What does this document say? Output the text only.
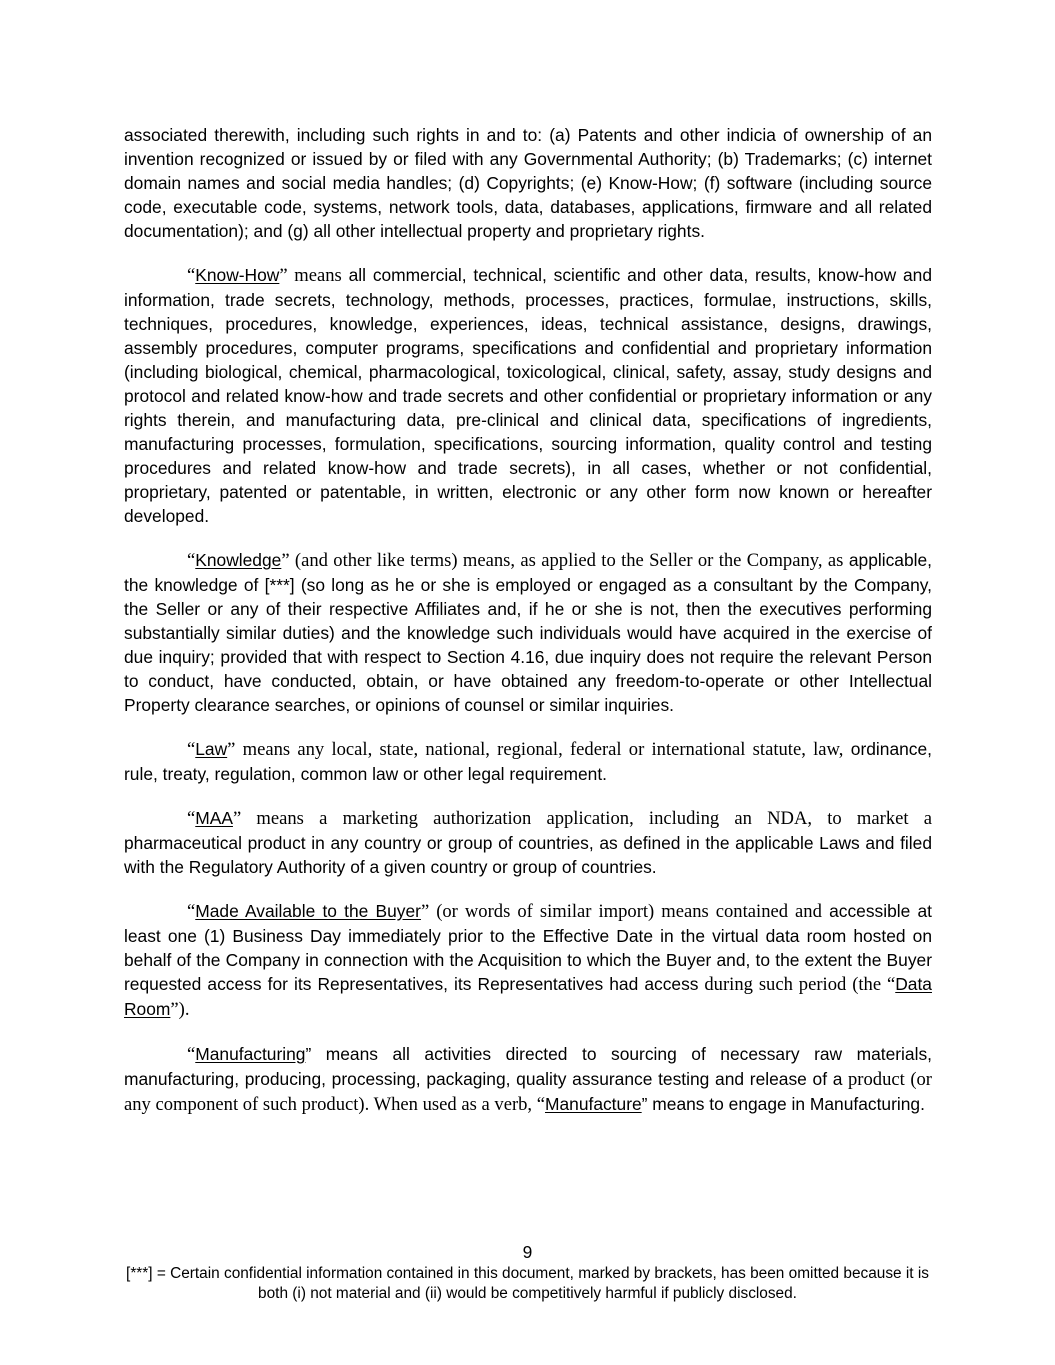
associated therewith, including such rights in and to: (a) Patents and other indicia of ownership of an invention recognized or issued by or filed with any Governmental Authority; (b) Trademarks; (c) internet domain names and social media handles; (d) Copyrights; (e) Know-How; (f) software (including source code, executable code, systems, network tools, data, databases, applications, firmware and all related documentation); and (g) all other intellectual property and proprietary rights.

“Know-How” means all commercial, technical, scientific and other data, results, know-how and information, trade secrets, technology, methods, processes, practices, formulae, instructions, skills, techniques, procedures, knowledge, experiences, ideas, technical assistance, designs, drawings, assembly procedures, computer programs, specifications and confidential and proprietary information (including biological, chemical, pharmacological, toxicological, clinical, safety, assay, study designs and protocol and related know-how and trade secrets and other confidential or proprietary information or any rights therein, and manufacturing data, pre-clinical and clinical data, specifications of ingredients, manufacturing processes, formulation, specifications, sourcing information, quality control and testing procedures and related know-how and trade secrets), in all cases, whether or not confidential, proprietary, patented or patentable, in written, electronic or any other form now known or hereafter developed.

“Knowledge” (and other like terms) means, as applied to the Seller or the Company, as applicable, the knowledge of [***] (so long as he or she is employed or engaged as a consultant by the Company, the Seller or any of their respective Affiliates and, if he or she is not, then the executives performing substantially similar duties) and the knowledge such individuals would have acquired in the exercise of due inquiry; provided that with respect to Section 4.16, due inquiry does not require the relevant Person to conduct, have conducted, obtain, or have obtained any freedom-to-operate or other Intellectual Property clearance searches, or opinions of counsel or similar inquiries.

“Law” means any local, state, national, regional, federal or international statute, law, ordinance, rule, treaty, regulation, common law or other legal requirement.

“MAA” means a marketing authorization application, including an NDA, to market a pharmaceutical product in any country or group of countries, as defined in the applicable Laws and filed with the Regulatory Authority of a given country or group of countries.

“Made Available to the Buyer” (or words of similar import) means contained and accessible at least one (1) Business Day immediately prior to the Effective Date in the virtual data room hosted on behalf of the Company in connection with the Acquisition to which the Buyer and, to the extent the Buyer requested access for its Representatives, its Representatives had access during such period (the “Data Room”).

“Manufacturing” means all activities directed to sourcing of necessary raw materials, manufacturing, producing, processing, packaging, quality assurance testing and release of a product (or any component of such product). When used as a verb, “Manufacture” means to engage in Manufacturing.

9
[***] = Certain confidential information contained in this document, marked by brackets, has been omitted because it is both (i) not material and (ii) would be competitively harmful if publicly disclosed.
